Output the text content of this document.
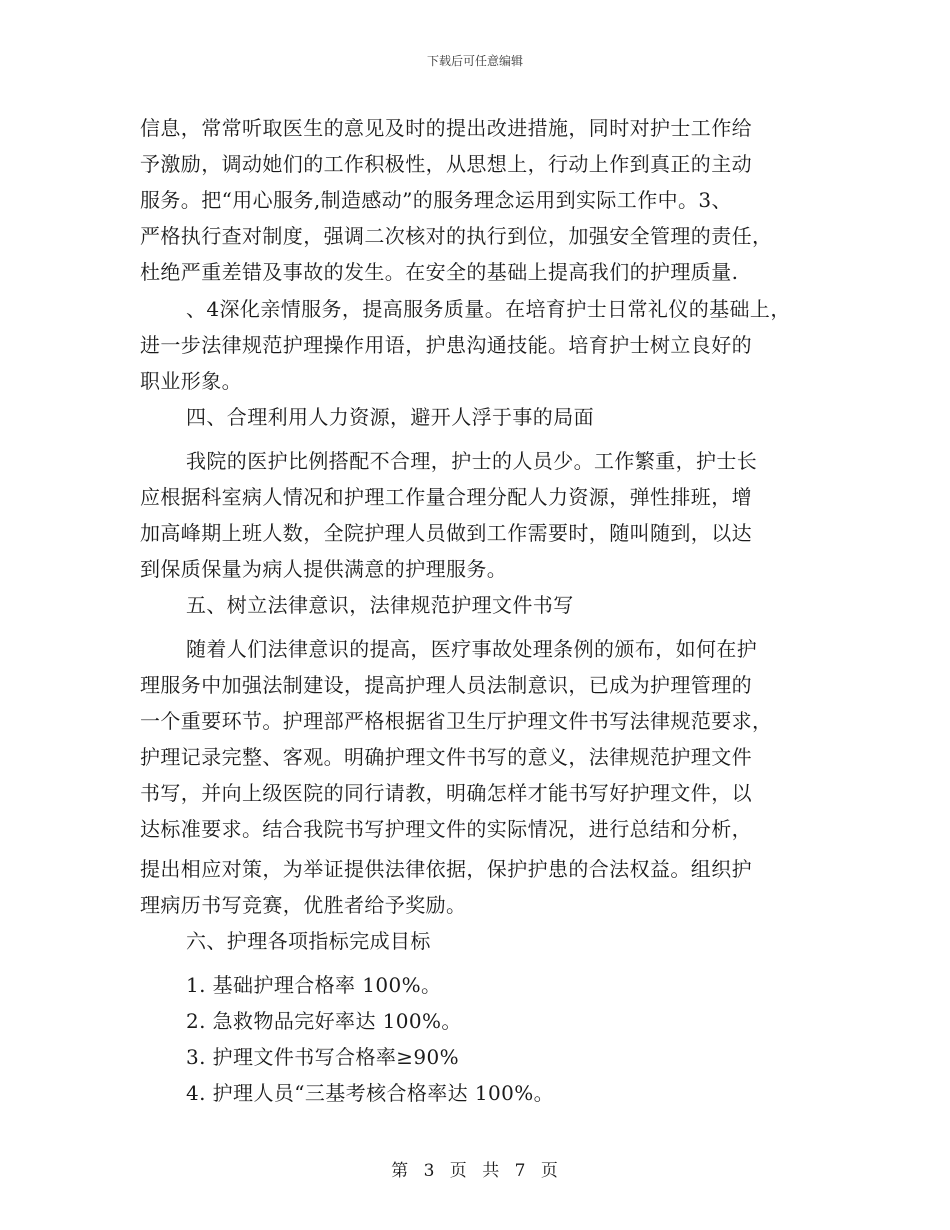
下载后可任意编辑
信息，常常听取医生的意见及时的提出改进措施，同时对护士工作给
予激励，调动她们的工作积极性，从思想上，行动上作到真正的主动
服务。把“用心服务,制造感动”的服务理念运用到实际工作中。3、
严格执行查对制度，强调二次核对的执行到位，加强安全管理的责任，
杜绝严重差错及事故的发生。在安全的基础上提高我们的护理质量.
、4深化亲情服务，提高服务质量。在培育护士日常礼仪的基础上，
进一步法律规范护理操作用语，护患沟通技能。培育护士树立良好的
职业形象。
四、合理利用人力资源，避开人浮于事的局面
我院的医护比例搭配不合理，护士的人员少。工作繁重，护士长
应根据科室病人情况和护理工作量合理分配人力资源，弹性排班，增
加高峰期上班人数，全院护理人员做到工作需要时，随叫随到，以达
到保质保量为病人提供满意的护理服务。
五、树立法律意识，法律规范护理文件书写
随着人们法律意识的提高，医疗事故处理条例的颁布，如何在护
理服务中加强法制建设，提高护理人员法制意识，已成为护理管理的
一个重要环节。护理部严格根据省卫生厅护理文件书写法律规范要求，
护理记录完整、客观。明确护理文件书写的意义，法律规范护理文件
书写，并向上级医院的同行请教，明确怎样才能书写好护理文件，以
达标准要求。结合我院书写护理文件的实际情况，进行总结和分析，
提出相应对策，为举证提供法律依据，保护护患的合法权益。组织护
理病历书写竞赛，优胜者给予奖励。
六、护理各项指标完成目标
1. 基础护理合格率 100%。
2. 急救物品完好率达 100%。
3. 护理文件书写合格率≥90%
4. 护理人员“三基考核合格率达 100%。
第 3 页 共 7 页
